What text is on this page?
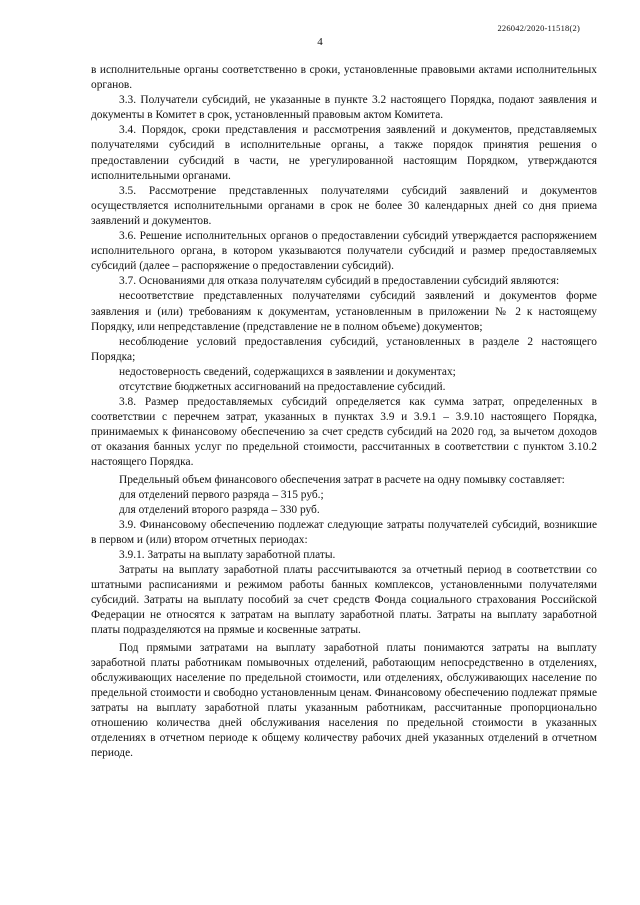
226042/2020-11518(2)
4

в исполнительные органы соответственно в сроки, установленные правовыми актами исполнительных органов.

3.3. Получатели субсидий, не указанные в пункте 3.2 настоящего Порядка, подают заявления и документы в Комитет в срок, установленный правовым актом Комитета.

3.4. Порядок, сроки представления и рассмотрения заявлений и документов, представляемых получателями субсидий в исполнительные органы, а также порядок принятия решения о предоставлении субсидий в части, не урегулированной настоящим Порядком, утверждаются исполнительными органами.

3.5. Рассмотрение представленных получателями субсидий заявлений и документов осуществляется исполнительными органами в срок не более 30 календарных дней со дня приема заявлений и документов.

3.6. Решение исполнительных органов о предоставлении субсидий утверждается распоряжением исполнительного органа, в котором указываются получатели субсидий и размер предоставляемых субсидий (далее – распоряжение о предоставлении субсидий).

3.7. Основаниями для отказа получателям субсидий в предоставлении субсидий являются:

несоответствие представленных получателями субсидий заявлений и документов форме заявления и (или) требованиям к документам, установленным в приложении № 2 к настоящему Порядку, или непредставление (представление не в полном объеме) документов;

несоблюдение условий предоставления субсидий, установленных в разделе 2 настоящего Порядка;

недостоверность сведений, содержащихся в заявлении и документах;

отсутствие бюджетных ассигнований на предоставление субсидий.

3.8. Размер предоставляемых субсидий определяется как сумма затрат, определенных в соответствии с перечнем затрат, указанных в пунктах 3.9 и 3.9.1 – 3.9.10 настоящего Порядка, принимаемых к финансовому обеспечению за счет средств субсидий на 2020 год, за вычетом доходов от оказания банных услуг по предельной стоимости, рассчитанных в соответствии с пунктом 3.10.2 настоящего Порядка.

Предельный объем финансового обеспечения затрат в расчете на одну помывку составляет:

для отделений первого разряда – 315 руб.;

для отделений второго разряда – 330 руб.

3.9. Финансовому обеспечению подлежат следующие затраты получателей субсидий, возникшие в первом и (или) втором отчетных периодах:

3.9.1. Затраты на выплату заработной платы.

Затраты на выплату заработной платы рассчитываются за отчетный период в соответствии со штатными расписаниями и режимом работы банных комплексов, установленными получателями субсидий. Затраты на выплату пособий за счет средств Фонда социального страхования Российской Федерации не относятся к затратам на выплату заработной платы. Затраты на выплату заработной платы подразделяются на прямые и косвенные затраты.

Под прямыми затратами на выплату заработной платы понимаются затраты на выплату заработной платы работникам помывочных отделений, работающим непосредственно в отделениях, обслуживающих население по предельной стоимости, или отделениях, обслуживающих население по предельной стоимости и свободно установленным ценам. Финансовому обеспечению подлежат прямые затраты на выплату заработной платы указанным работникам, рассчитанные пропорционально отношению количества дней обслуживания населения по предельной стоимости в указанных отделениях в отчетном периоде к общему количеству рабочих дней указанных отделений в отчетном периоде.
